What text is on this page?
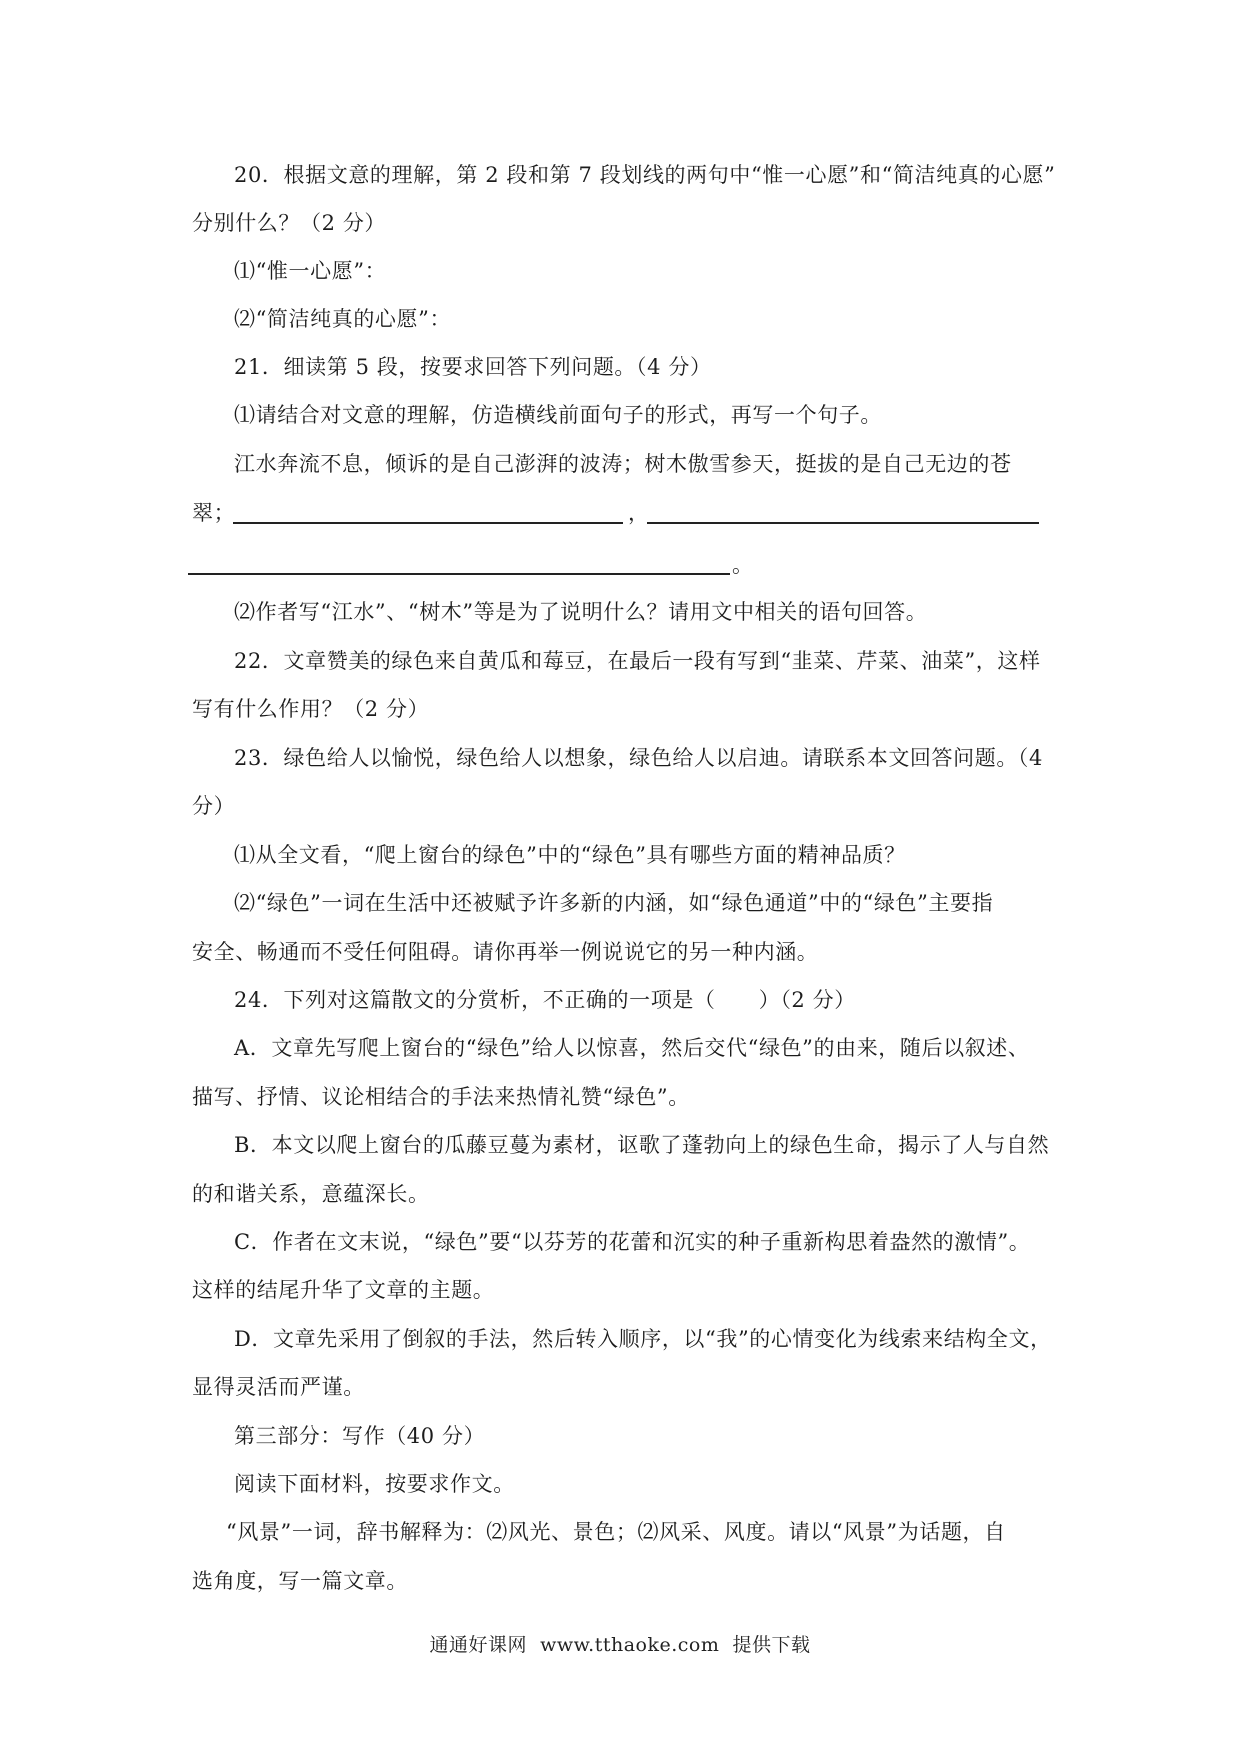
20．根据文意的理解，第 2 段和第 7 段划线的两句中“惟一心愿”和“简洁纯真的心愿”
分别什么？（2 分）
⑴“惟一心愿”：
⑵“简洁纯真的心愿”：
21．细读第 5 段，按要求回答下列问题。（4 分）
⑴请结合对文意的理解，仿造横线前面句子的形式，再写一个句子。
江水奔流不息，倾诉的是自己澎湃的波涛；树木傲雪参天，挺拔的是自己无边的苍
翠；	，
。
⑵作者写“江水”、“树木”等是为了说明什么？请用文中相关的语句回答。
22．文章赞美的绿色来自黄瓜和莓豆，在最后一段有写到“韭菜、芹菜、油菜”，这样
写有什么作用？（2 分）
23．绿色给人以愉悦，绿色给人以想象，绿色给人以启迪。请联系本文回答问题。（4
分）
⑴从全文看，“爬上窗台的绿色”中的“绿色”具有哪些方面的精神品质？
⑵“绿色”一词在生活中还被赋予许多新的内涵，如“绿色通道”中的“绿色”主要指
安全、畅通而不受任何阻碍。请你再举一例说说它的另一种内涵。
24．下列对这篇散文的分赏析，不正确的一项是（　　）（2 分）
A．文章先写爬上窗台的“绿色”给人以惊喜，然后交代“绿色”的由来，随后以叙述、
描写、抒情、议论相结合的手法来热情礼赞“绿色”。
B．本文以爬上窗台的瓜藤豆蔓为素材，讴歌了蓬勃向上的绿色生命，揭示了人与自然
的和谐关系，意蕴深长。
C．作者在文末说，“绿色”要“以芬芳的花蕾和沉实的种子重新构思着盎然的激情”。
这样的结尾升华了文章的主题。
D．文章先采用了倒叙的手法，然后转入顺序，以“我”的心情变化为线索来结构全文，
显得灵活而严谨。
第三部分：写作（40 分）
阅读下面材料，按要求作文。
“风景”一词，辞书解释为：⑵风光、景色；⑵风采、风度。请以“风景”为话题，自
选角度，写一篇文章。
通通好课网  www.tthaoke.com  提供下载
